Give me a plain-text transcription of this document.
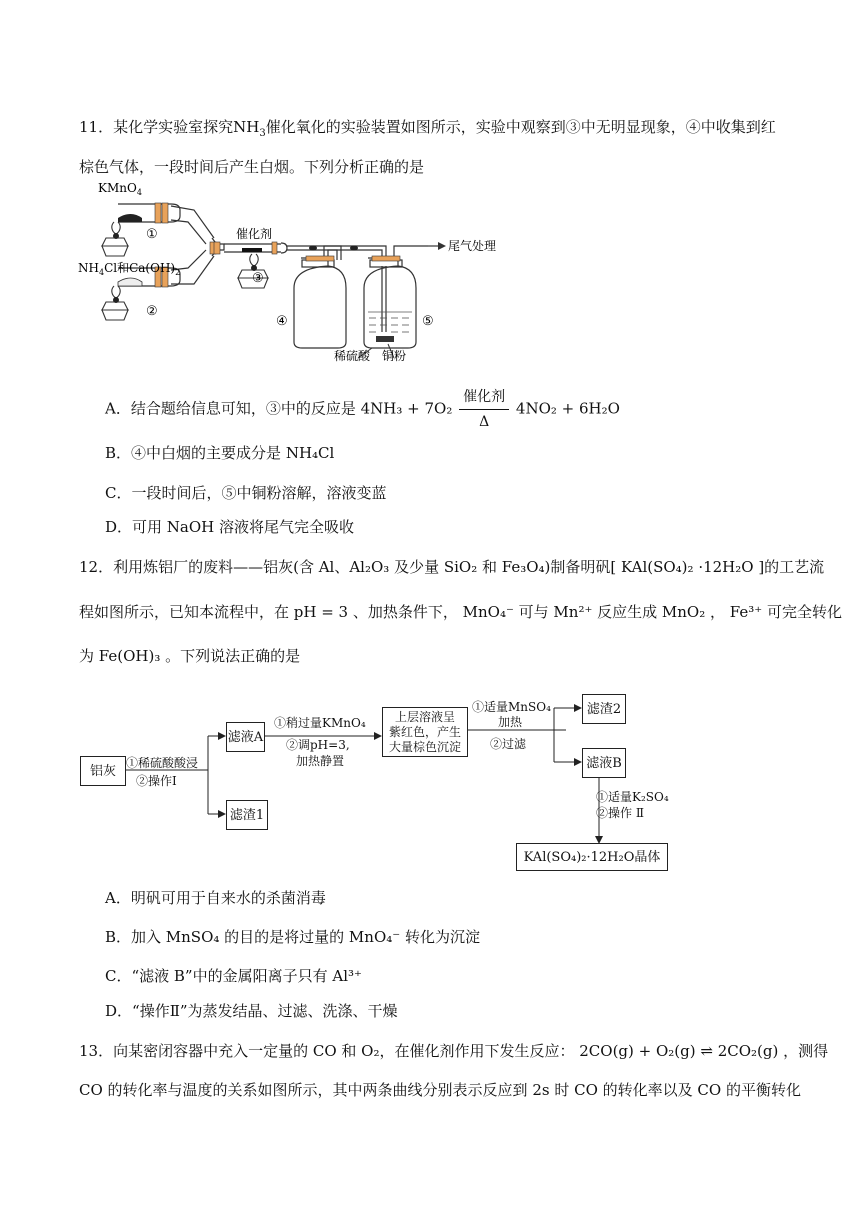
11．某化学实验室探究$NH_3$催化氧化的实验装置如图所示，实验中观察到③中无明显现象，④中收集到红
棕色气体，一段时间后产生白烟。下列分析正确的是
KMnO$_4$
①
$NH_4Cl$和$Ca(OH)_2$
②
催化剂
③
④	⑤
尾气处理
稀硫酸 铜粉
A．结合题给信息可知，③中的反应是 $4NH_3 + 7O_2 \frac{\text{催化剂}}{\Delta} 4NO_2 + 6H_2O$
B．④中白烟的主要成分是 NH₄Cl
C．一段时间后，⑤中铜粉溶解，溶液变蓝
D．可用 NaOH 溶液将尾气完全吸收
12．利用炼铝厂的废料——铝灰(含 Al、Al₂O₃ 及少量 SiO₂ 和 Fe₃O₄)制备明矾[ KAl(SO₄)₂ ·12H₂O ]的工艺流
程如图所示，已知本流程中，在 pH = 3 、加热条件下， MnO₄⁻ 可与 Mn²⁺ 反应生成 MnO₂ ， Fe³⁺ 可完全转化
为 Fe(OH)₃ 。下列说法正确的是
铝灰
①稀硫酸酸浸
②操作Ⅰ
滤液A
滤渣1
①稍过量KMnO₄
②调pH=3,
加热静置
上层溶液呈
紫红色，产生
大量棕色沉淀
①适量MnSO₄
加热
②过滤
滤渣2
滤液B
①适量K₂SO₄
②操作 Ⅱ
KAl(SO₄)₂·12H₂O晶体
A．明矾可用于自来水的杀菌消毒
B．加入 MnSO₄ 的目的是将过量的 MnO₄⁻ 转化为沉淀
C．“滤液 B”中的金属阳离子只有 Al³⁺
D．“操作Ⅱ”为蒸发结晶、过滤、洗涤、干燥
13．向某密闭容器中充入一定量的 CO 和 O₂，在催化剂作用下发生反应： 2CO(g) + O₂(g) ⇌ 2CO₂(g) ，测得
CO 的转化率与温度的关系如图所示，其中两条曲线分别表示反应到 2s 时 CO 的转化率以及 CO 的平衡转化
